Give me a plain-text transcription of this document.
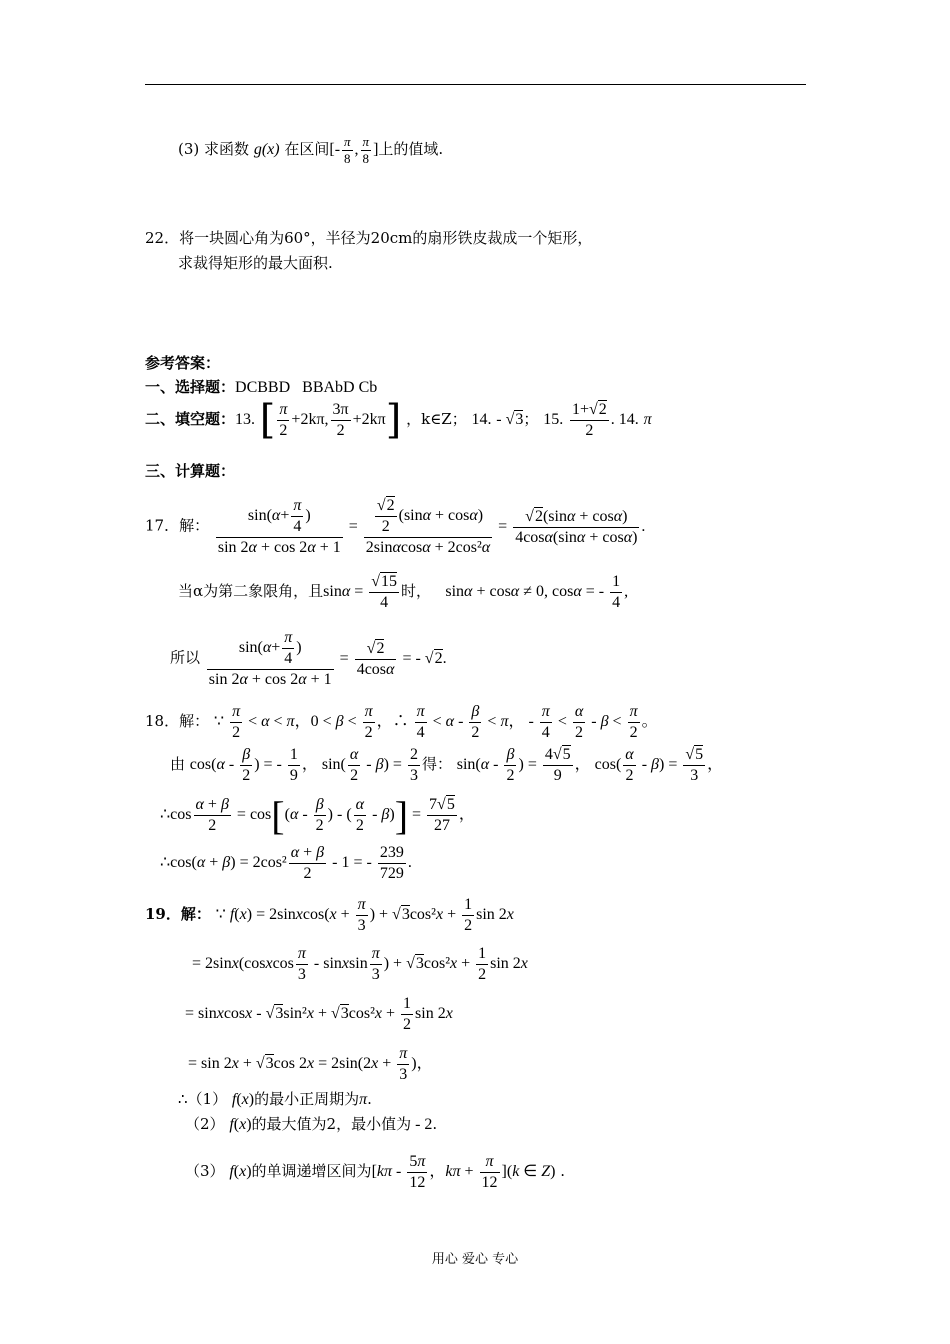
(3) 求函数 g(x) 在区间[- $\frac{\pi}{8}$ , $\frac{\pi}{8}$ ]上的值域.
22．将一块圆心角为60°，半径为20cm的扇形铁皮裁成一个矩形，
求裁得矩形的最大面积.
参考答案：
一、选择题：DCBBD   BBAbD Cb
二、填空题：13. [ $\frac{\pi}{2} +2k\pi$, $\frac{3\pi}{2} +2k\pi$] ，k∈Z； 14. - √3； 15. $\frac{1+√2}{2}$ . 14. π
三、计算题：
17．解： $\frac{\sin(\alpha+ \frac{\pi}{4} )}{\sin 2\alpha + \cos 2\alpha + 1} = \frac{\frac{√2}{2} (\sin\alpha + \cos\alpha)}{\text{2sinαcosα + 2cos²α}} = \frac{√2(\sin\alpha + \cos\alpha)}{4\cos\alpha(\sin\alpha + \cos\alpha)}$ .
当α为第二象限角，且$\sin\alpha = \frac{√15}{4}$ 时， sinα + cosα ≠ 0, cosα = - $\frac{1}{4}$ ,
所以 $\frac{\sin(\alpha+ \frac{\pi}{4} )}{\sin 2\alpha + \cos 2\alpha + 1} = \frac{√2}{4\cos\alpha}$ = - √2.
18．解： ∵ $\frac{\pi}{2} < \alpha < \pi$，$0 < \beta < \frac{\pi}{2}$ ，∴ $\frac{\pi}{4} < \alpha - \frac{\beta}{2} < \pi$， - $\frac{\pi}{4} < \frac{\alpha}{2} - \beta < \frac{\pi}{2}$ 。
由 $\cos(\alpha - \frac{\beta}{2}$ ) = - $\frac{1}{9}$ ， $\sin( \frac{\alpha}{2} - \beta) = \frac{2}{3}$ 得： $\sin(\alpha - \frac{\beta}{2}$ ) = $\frac{4√5}{9}$ ， $\cos( \frac{\alpha}{2} - \beta) = \frac{√5}{3}$ ，
∴cos $\frac{\alpha + \beta}{2} = \cos[(\alpha - \frac{\beta}{2}$ ) - ( $\frac{\alpha}{2} - \beta)] = \frac{7√5}{27}$ ，
∴cos(α + $\beta) = 2\cos^2 \frac{\alpha + \beta}{2} - 1$ = - $\frac{239}{729}$ .
19．解： ∵ f(x) = 2sinxcos(x + $\frac{\pi}{3}$ ) + $√3\cos^2x + \frac{1}{2}$ sin 2x
= 2sinx(cosxcos $\frac{\pi}{3}$ - sinxsin $\frac{\pi}{3}$ ) + $√3\cos^2x + \frac{1}{2}$ sin 2x
= sinxcosx - $√3\sin^2x + √3\cos^2x + \frac{1}{2}$ sin 2x
= sin 2x + √3cos $2x = 2\sin(2x + \frac{\pi}{3}$ )，
∴（1） f(x)的最小正周期为π.
（2） f(x)的最大值为2，最小值为 - 2.
（3） f(x)的单调递增区间为[$k\pi - \frac{5\pi}{12}$ ，$k\pi + \frac{\pi}{12} ](k$ ∈ Z) .
用心 爱心 专心
